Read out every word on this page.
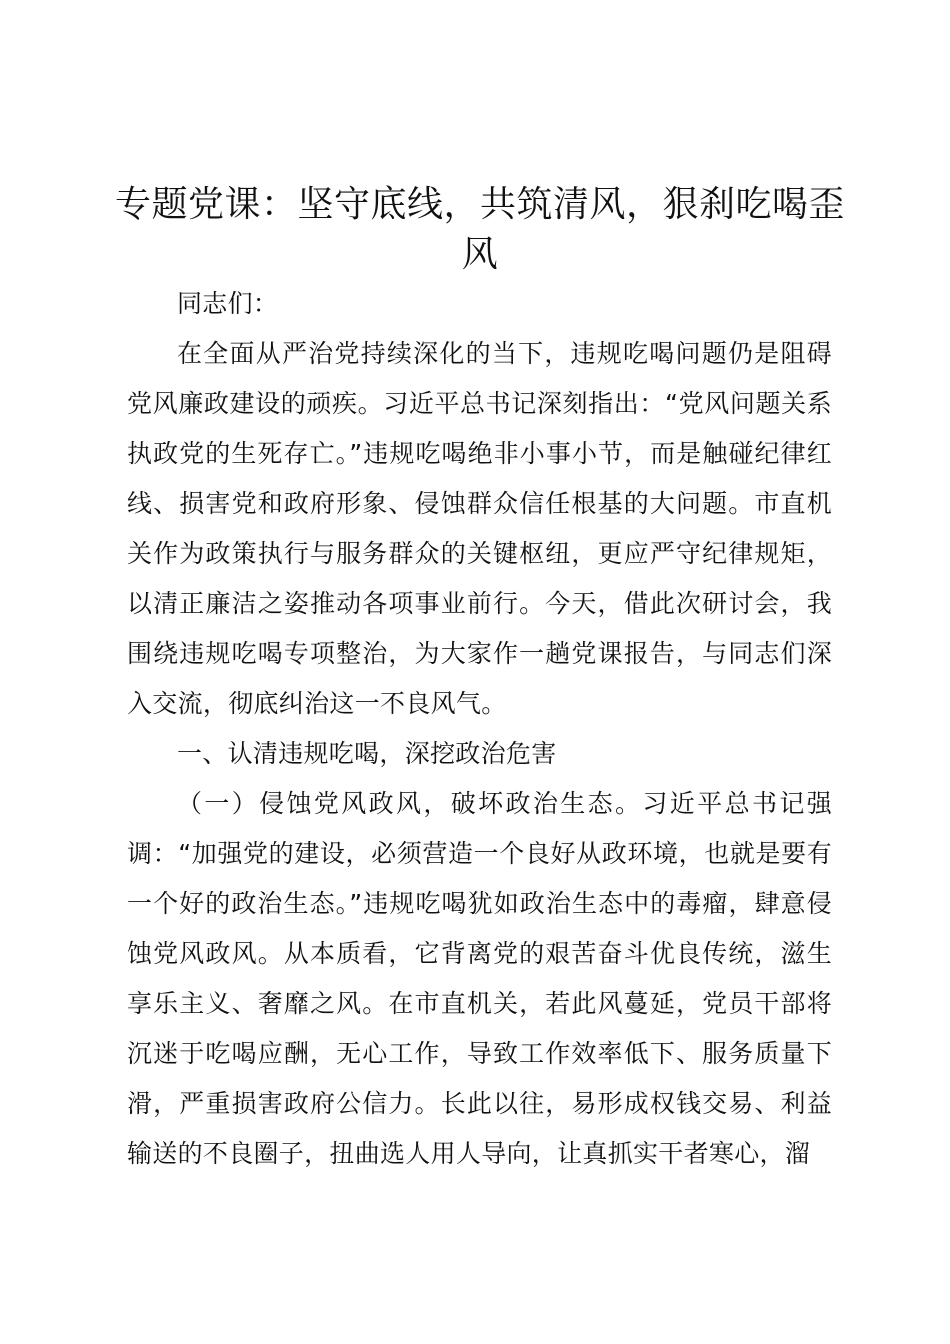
专题党课：坚守底线，共筑清风，狠刹吃喝歪风

同志们：

在全面从严治党持续深化的当下，违规吃喝问题仍是阻碍党风廉政建设的顽疾。习近平总书记深刻指出：“党风问题关系执政党的生死存亡。”违规吃喝绝非小事小节，而是触碰纪律红线、损害党和政府形象、侵蚀群众信任根基的大问题。市直机关作为政策执行与服务群众的关键枢纽，更应严守纪律规矩，以清正廉洁之姿推动各项事业前行。今天，借此次研讨会，我围绕违规吃喝专项整治，为大家作一趟党课报告，与同志们深入交流，彻底纠治这一不良风气。

一、认清违规吃喝，深挖政治危害

（一）侵蚀党风政风，破坏政治生态。习近平总书记强调：“加强党的建设，必须营造一个良好从政环境，也就是要有一个好的政治生态。”违规吃喝犹如政治生态中的毒瘤，肆意侵蚀党风政风。从本质看，它背离党的艰苦奋斗优良传统，滋生享乐主义、奢靡之风。在市直机关，若此风蔓延，党员干部将沉迷于吃喝应酬，无心工作，导致工作效率低下、服务质量下滑，严重损害政府公信力。长此以往，易形成权钱交易、利益输送的不良圈子，扭曲选人用人导向，让真抓实干者寒心，溜
